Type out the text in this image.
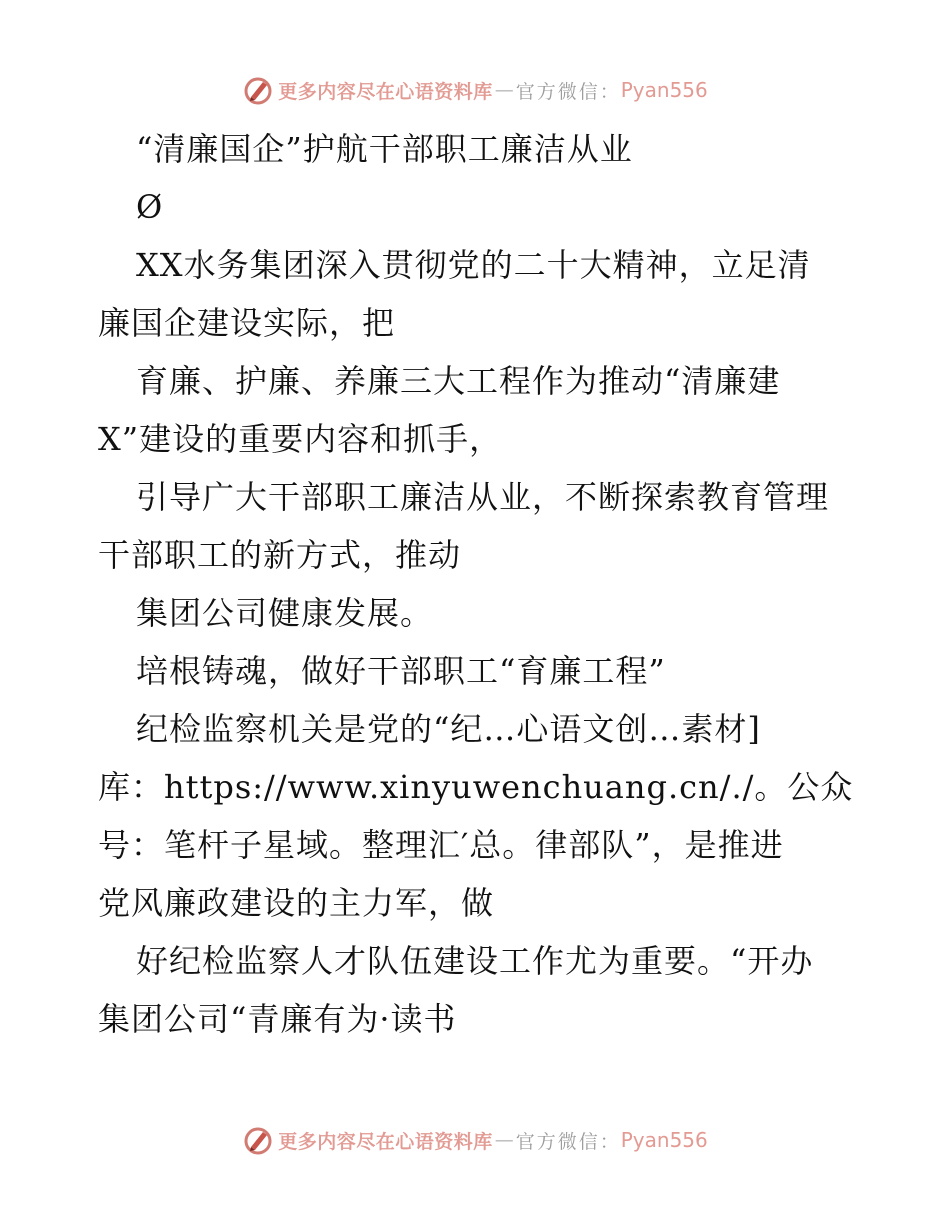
更多内容尽在心语资料库 — 官方微信： Pyan556
“清廉国企”护航干部职工廉洁从业
Ø
XX水务集团深入贯彻党的二十大精神，立足清
廉国企建设实际，把
育廉、护廉、养廉三大工程作为推动“清廉建
X”建设的重要内容和抓手，
引导广大干部职工廉洁从业，不断探索教育管理
干部职工的新方式，推动
集团公司健康发展。
培根铸魂，做好干部职工“育廉工程”
纪检监察机关是党的“纪…心语文创…素材]
库：https://www.xinyuwenchuang.cn/./。公众
号：笔杆子星域。整理汇′总。律部队”，是推进
党风廉政建设的主力军，做
好纪检监察人才队伍建设工作尤为重要。“开办
集团公司“青廉有为·读书
更多内容尽在心语资料库 — 官方微信： Pyan556
